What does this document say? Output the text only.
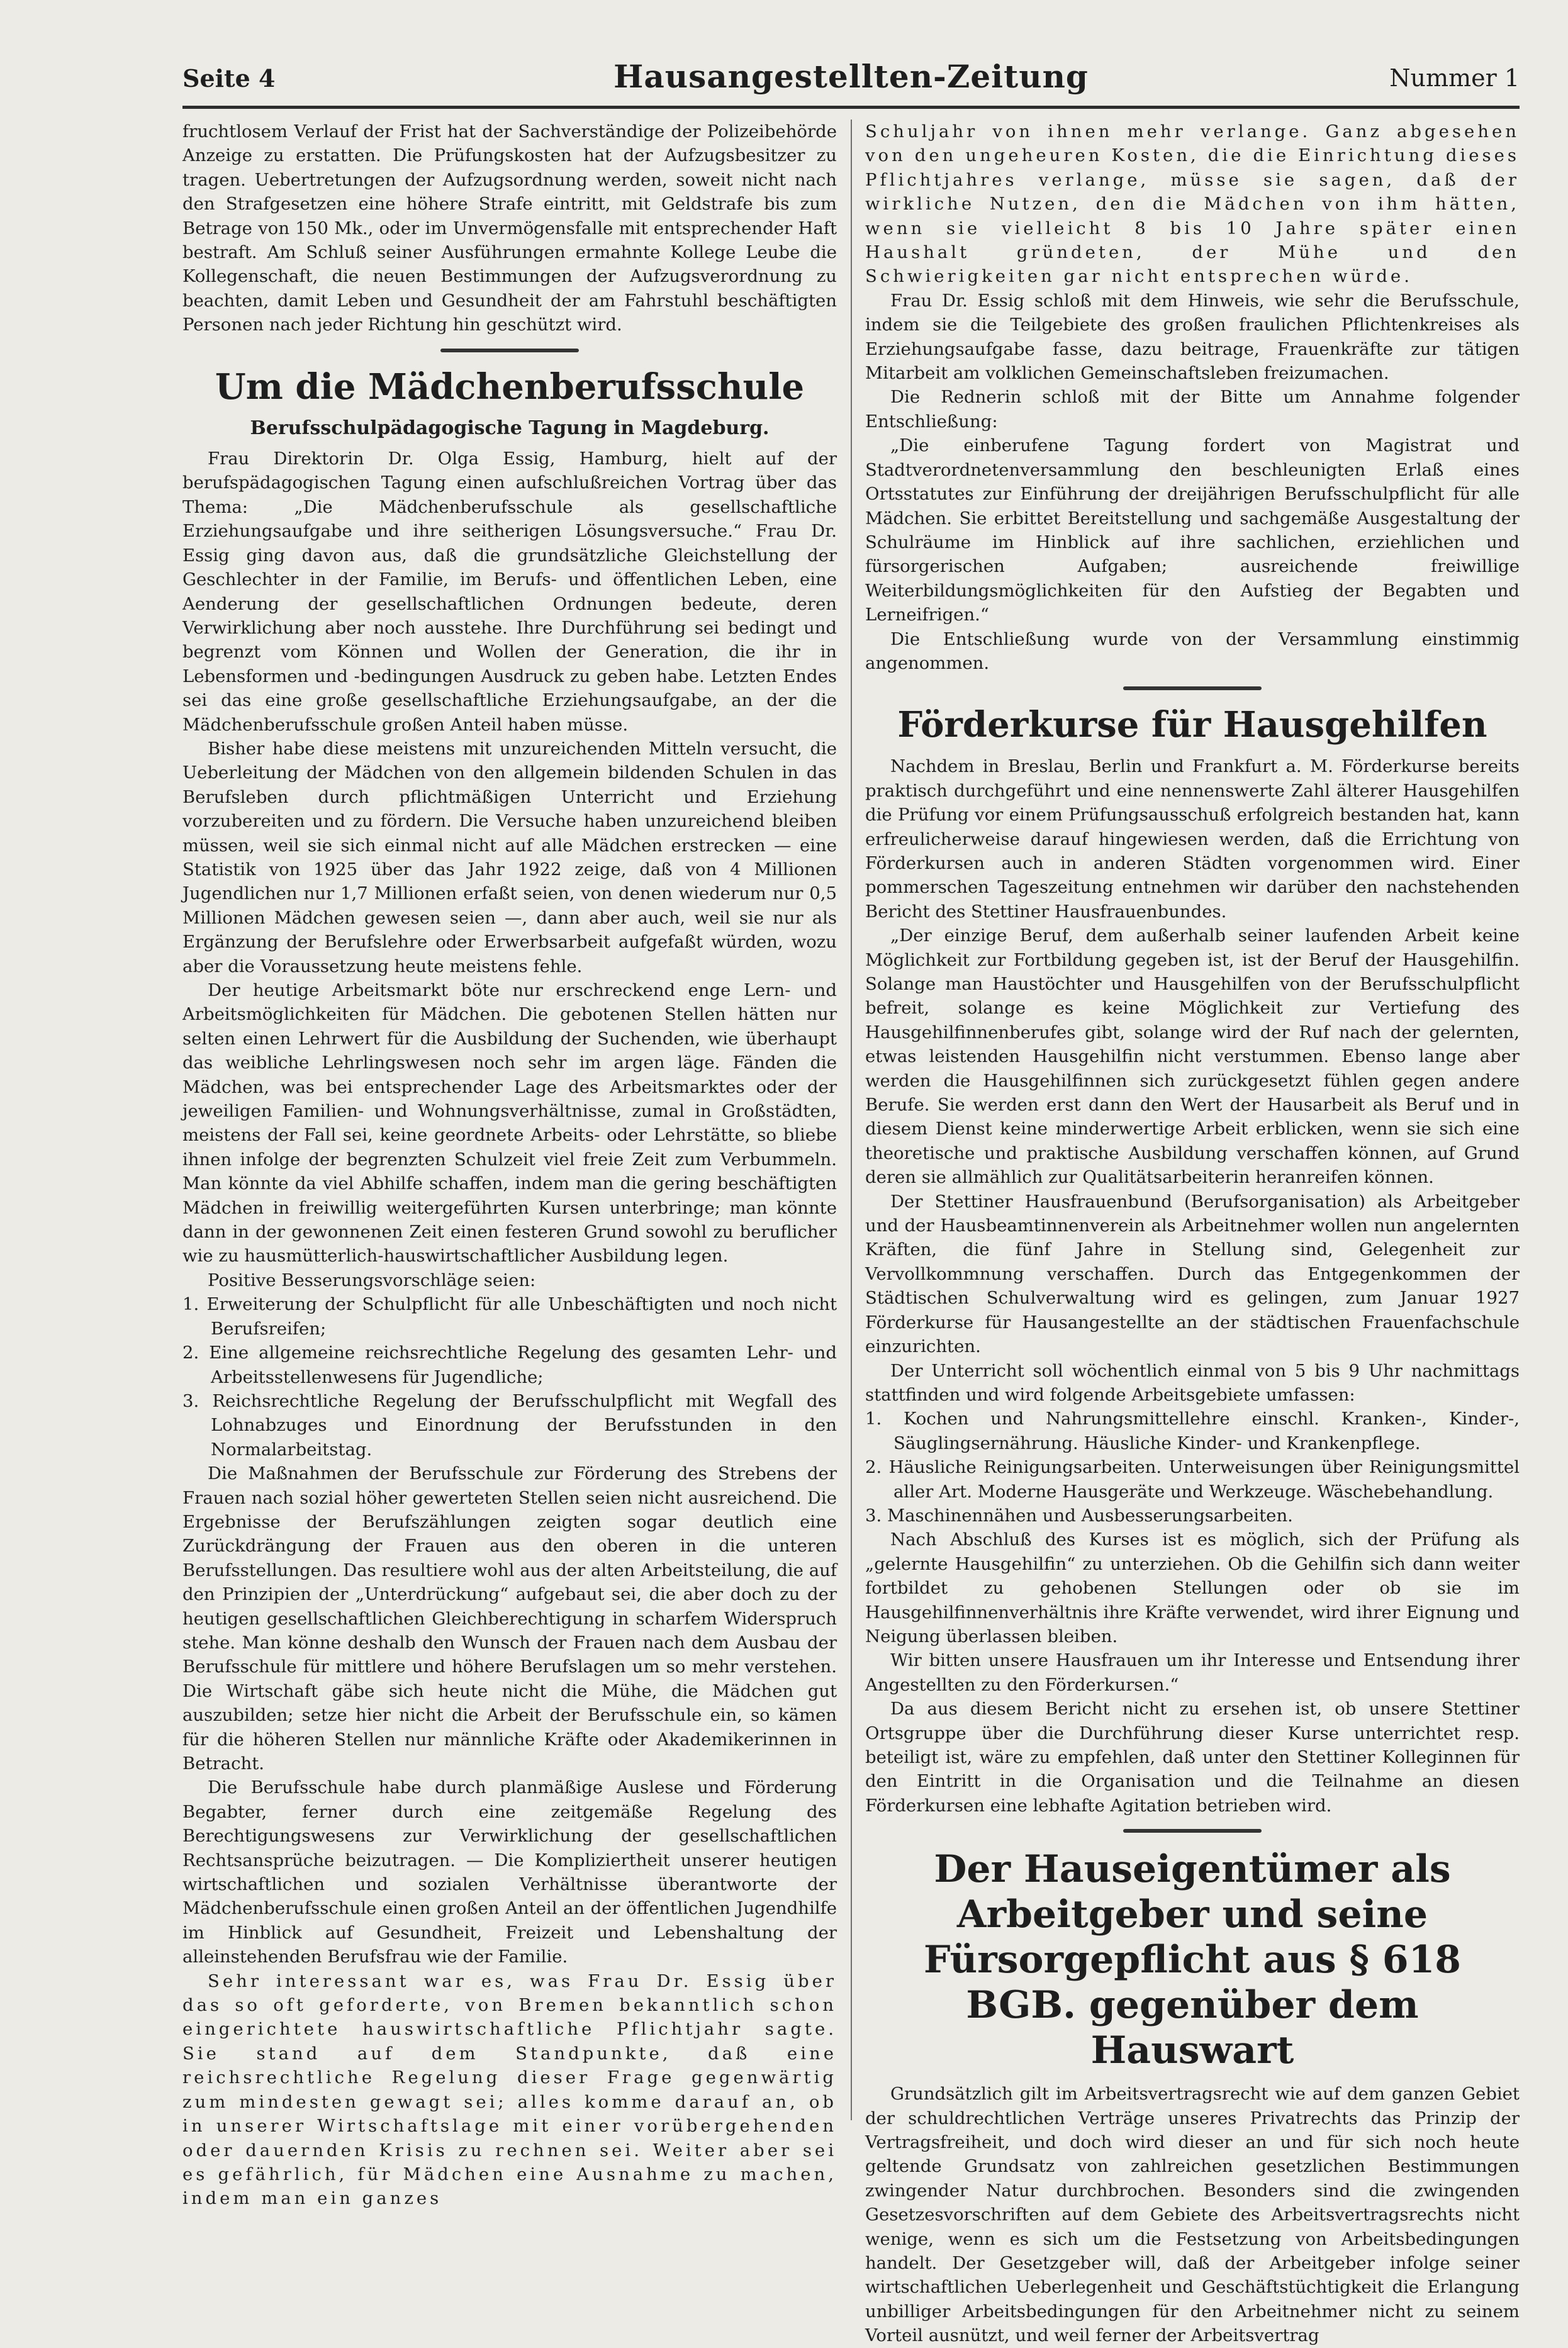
Seite 4	Hausangestellten-Zeitung	Nummer 1

fruchtlosem Verlauf der Frist hat der Sachverständige der Polizeibehörde Anzeige zu erstatten. Die Prüfungskosten hat der Aufzugsbesitzer zu tragen. Uebertretungen der Aufzugsordnung werden, soweit nicht nach den Strafgesetzen eine höhere Strafe eintritt, mit Geldstrafe bis zum Betrage von 150 Mk., oder im Unvermögensfalle mit entsprechender Haft bestraft. Am Schluß seiner Ausführungen ermahnte Kollege Leube die Kollegenschaft, die neuen Bestimmungen der Aufzugsverordnung zu beachten, damit Leben und Gesundheit der am Fahrstuhl beschäftigten Personen nach jeder Richtung hin geschützt wird.

Um die Mädchenberufsschule
Berufsschulpädagogische Tagung in Magdeburg.

Frau Direktorin Dr. Olga Essig, Hamburg, hielt auf der berufspädagogischen Tagung einen aufschlußreichen Vortrag über das Thema: „Die Mädchenberufsschule als gesellschaftliche Erziehungsaufgabe und ihre seitherigen Lösungsversuche.“ Frau Dr. Essig ging davon aus, daß die grundsätzliche Gleichstellung der Geschlechter in der Familie, im Berufs- und öffentlichen Leben, eine Aenderung der gesellschaftlichen Ordnungen bedeute, deren Verwirklichung aber noch ausstehe. Ihre Durchführung sei bedingt und begrenzt vom Können und Wollen der Generation, die ihr in Lebensformen und -bedingungen Ausdruck zu geben habe. Letzten Endes sei das eine große gesellschaftliche Erziehungsaufgabe, an der die Mädchenberufsschule großen Anteil haben müsse.

Bisher habe diese meistens mit unzureichenden Mitteln versucht, die Ueberleitung der Mädchen von den allgemein bildenden Schulen in das Berufsleben durch pflichtmäßigen Unterricht und Erziehung vorzubereiten und zu fördern. Die Versuche haben unzureichend bleiben müssen, weil sie sich einmal nicht auf alle Mädchen erstrecken — eine Statistik von 1925 über das Jahr 1922 zeige, daß von 4 Millionen Jugendlichen nur 1,7 Millionen erfaßt seien, von denen wiederum nur 0,5 Millionen Mädchen gewesen seien —, dann aber auch, weil sie nur als Ergänzung der Berufslehre oder Erwerbsarbeit aufgefaßt würden, wozu aber die Voraussetzung heute meistens fehle.

Der heutige Arbeitsmarkt böte nur erschreckend enge Lern- und Arbeitsmöglichkeiten für Mädchen. Die gebotenen Stellen hätten nur selten einen Lehrwert für die Ausbildung der Suchenden, wie überhaupt das weibliche Lehrlingswesen noch sehr im argen läge. Fänden die Mädchen, was bei entsprechender Lage des Arbeitsmarktes oder der jeweiligen Familien- und Wohnungsverhältnisse, zumal in Großstädten, meistens der Fall sei, keine geordnete Arbeits- oder Lehrstätte, so bliebe ihnen infolge der begrenzten Schulzeit viel freie Zeit zum Verbummeln. Man könnte da viel Abhilfe schaffen, indem man die gering beschäftigten Mädchen in freiwillig weitergeführten Kursen unterbringe; man könnte dann in der gewonnenen Zeit einen festeren Grund sowohl zu beruflicher wie zu hausmütterlich-hauswirtschaftlicher Ausbildung legen.

Positive Besserungsvorschläge seien:

1. Erweiterung der Schulpflicht für alle Unbeschäftigten und noch nicht Berufsreifen;

2. Eine allgemeine reichsrechtliche Regelung des gesamten Lehr- und Arbeitsstellenwesens für Jugendliche;

3. Reichsrechtliche Regelung der Berufsschulpflicht mit Wegfall des Lohnabzuges und Einordnung der Berufsstunden in den Normalarbeitstag.

Die Maßnahmen der Berufsschule zur Förderung des Strebens der Frauen nach sozial höher gewerteten Stellen seien nicht ausreichend. Die Ergebnisse der Berufszählungen zeigten sogar deutlich eine Zurückdrängung der Frauen aus den oberen in die unteren Berufsstellungen. Das resultiere wohl aus der alten Arbeitsteilung, die auf den Prinzipien der „Unterdrückung“ aufgebaut sei, die aber doch zu der heutigen gesellschaftlichen Gleichberechtigung in scharfem Widerspruch stehe. Man könne deshalb den Wunsch der Frauen nach dem Ausbau der Berufsschule für mittlere und höhere Berufslagen um so mehr verstehen. Die Wirtschaft gäbe sich heute nicht die Mühe, die Mädchen gut auszubilden; setze hier nicht die Arbeit der Berufsschule ein, so kämen für die höheren Stellen nur männliche Kräfte oder Akademikerinnen in Betracht.

Die Berufsschule habe durch planmäßige Auslese und Förderung Begabter, ferner durch eine zeitgemäße Regelung des Berechtigungswesens zur Verwirklichung der gesellschaftlichen Rechtsansprüche beizutragen. — Die Kompliziertheit unserer heutigen wirtschaftlichen und sozialen Verhältnisse überantworte der Mädchenberufsschule einen großen Anteil an der öffentlichen Jugendhilfe im Hinblick auf Gesundheit, Freizeit und Lebenshaltung der alleinstehenden Berufsfrau wie der Familie.

Sehr interessant war es, was Frau Dr. Essig über das so oft geforderte, von Bremen bekanntlich schon eingerichtete hauswirtschaftliche Pflichtjahr sagte. Sie stand auf dem Standpunkte, daß eine reichsrechtliche Regelung dieser Frage gegenwärtig zum mindesten gewagt sei; alles komme darauf an, ob in unserer Wirtschaftslage mit einer vorübergehenden oder dauernden Krisis zu rechnen sei. Weiter aber sei es gefährlich, für Mädchen eine Ausnahme zu machen, indem man ein ganzes

Schuljahr von ihnen mehr verlange. Ganz abgesehen von den ungeheuren Kosten, die die Einrichtung dieses Pflichtjahres verlange, müsse sie sagen, daß der wirkliche Nutzen, den die Mädchen von ihm hätten, wenn sie vielleicht 8 bis 10 Jahre später einen Haushalt gründeten, der Mühe und den Schwierigkeiten gar nicht entsprechen würde.

Frau Dr. Essig schloß mit dem Hinweis, wie sehr die Berufsschule, indem sie die Teilgebiete des großen fraulichen Pflichtenkreises als Erziehungsaufgabe fasse, dazu beitrage, Frauenkräfte zur tätigen Mitarbeit am volklichen Gemeinschaftsleben freizumachen.

Die Rednerin schloß mit der Bitte um Annahme folgender Entschließung:

„Die einberufene Tagung fordert von Magistrat und Stadtverordnetenversammlung den beschleunigten Erlaß eines Ortsstatutes zur Einführung der dreijährigen Berufsschulpflicht für alle Mädchen. Sie erbittet Bereitstellung und sachgemäße Ausgestaltung der Schulräume im Hinblick auf ihre sachlichen, erziehlichen und fürsorgerischen Aufgaben; ausreichende freiwillige Weiterbildungsmöglichkeiten für den Aufstieg der Begabten und Lerneifrigen.“

Die Entschließung wurde von der Versammlung einstimmig angenommen.

Förderkurse für Hausgehilfen

Nachdem in Breslau, Berlin und Frankfurt a. M. Förderkurse bereits praktisch durchgeführt und eine nennenswerte Zahl älterer Hausgehilfen die Prüfung vor einem Prüfungsausschuß erfolgreich bestanden hat, kann erfreulicherweise darauf hingewiesen werden, daß die Errichtung von Förderkursen auch in anderen Städten vorgenommen wird. Einer pommerschen Tageszeitung entnehmen wir darüber den nachstehenden Bericht des Stettiner Hausfrauenbundes.

„Der einzige Beruf, dem außerhalb seiner laufenden Arbeit keine Möglichkeit zur Fortbildung gegeben ist, ist der Beruf der Hausgehilfin. Solange man Haustöchter und Hausgehilfen von der Berufsschulpflicht befreit, solange es keine Möglichkeit zur Vertiefung des Hausgehilfinnenberufes gibt, solange wird der Ruf nach der gelernten, etwas leistenden Hausgehilfin nicht verstummen. Ebenso lange aber werden die Hausgehilfinnen sich zurückgesetzt fühlen gegen andere Berufe. Sie werden erst dann den Wert der Hausarbeit als Beruf und in diesem Dienst keine minderwertige Arbeit erblicken, wenn sie sich eine theoretische und praktische Ausbildung verschaffen können, auf Grund deren sie allmählich zur Qualitätsarbeiterin heranreifen können.

Der Stettiner Hausfrauenbund (Berufsorganisation) als Arbeitgeber und der Hausbeamtinnenverein als Arbeitnehmer wollen nun angelernten Kräften, die fünf Jahre in Stellung sind, Gelegenheit zur Vervollkommnung verschaffen. Durch das Entgegenkommen der Städtischen Schulverwaltung wird es gelingen, zum Januar 1927 Förderkurse für Hausangestellte an der städtischen Frauenfachschule einzurichten.

Der Unterricht soll wöchentlich einmal von 5 bis 9 Uhr nachmittags stattfinden und wird folgende Arbeitsgebiete umfassen:

1. Kochen und Nahrungsmittellehre einschl. Kranken-, Kinder-, Säuglingsernährung. Häusliche Kinder- und Krankenpflege.

2. Häusliche Reinigungsarbeiten. Unterweisungen über Reinigungsmittel aller Art. Moderne Hausgeräte und Werkzeuge. Wäschebehandlung.

3. Maschinennähen und Ausbesserungsarbeiten.

Nach Abschluß des Kurses ist es möglich, sich der Prüfung als „gelernte Hausgehilfin“ zu unterziehen. Ob die Gehilfin sich dann weiter fortbildet zu gehobenen Stellungen oder ob sie im Hausgehilfinnenverhältnis ihre Kräfte verwendet, wird ihrer Eignung und Neigung überlassen bleiben.

Wir bitten unsere Hausfrauen um ihr Interesse und Entsendung ihrer Angestellten zu den Förderkursen.“

Da aus diesem Bericht nicht zu ersehen ist, ob unsere Stettiner Ortsgruppe über die Durchführung dieser Kurse unterrichtet resp. beteiligt ist, wäre zu empfehlen, daß unter den Stettiner Kolleginnen für den Eintritt in die Organisation und die Teilnahme an diesen Förderkursen eine lebhafte Agitation betrieben wird.

Der Hauseigentümer als Arbeitgeber und seine Fürsorgepflicht aus § 618 BGB. gegenüber dem Hauswart

Grundsätzlich gilt im Arbeitsvertragsrecht wie auf dem ganzen Gebiet der schuldrechtlichen Verträge unseres Privatrechts das Prinzip der Vertragsfreiheit, und doch wird dieser an und für sich noch heute geltende Grundsatz von zahlreichen gesetzlichen Bestimmungen zwingender Natur durchbrochen. Besonders sind die zwingenden Gesetzesvorschriften auf dem Gebiete des Arbeitsvertragsrechts nicht wenige, wenn es sich um die Festsetzung von Arbeitsbedingungen handelt. Der Gesetzgeber will, daß der Arbeitgeber infolge seiner wirtschaftlichen Ueberlegenheit und Geschäftstüchtigkeit die Erlangung unbilliger Arbeitsbedingungen für den Arbeitnehmer nicht zu seinem Vorteil ausnützt, und weil ferner der Arbeitsvertrag
